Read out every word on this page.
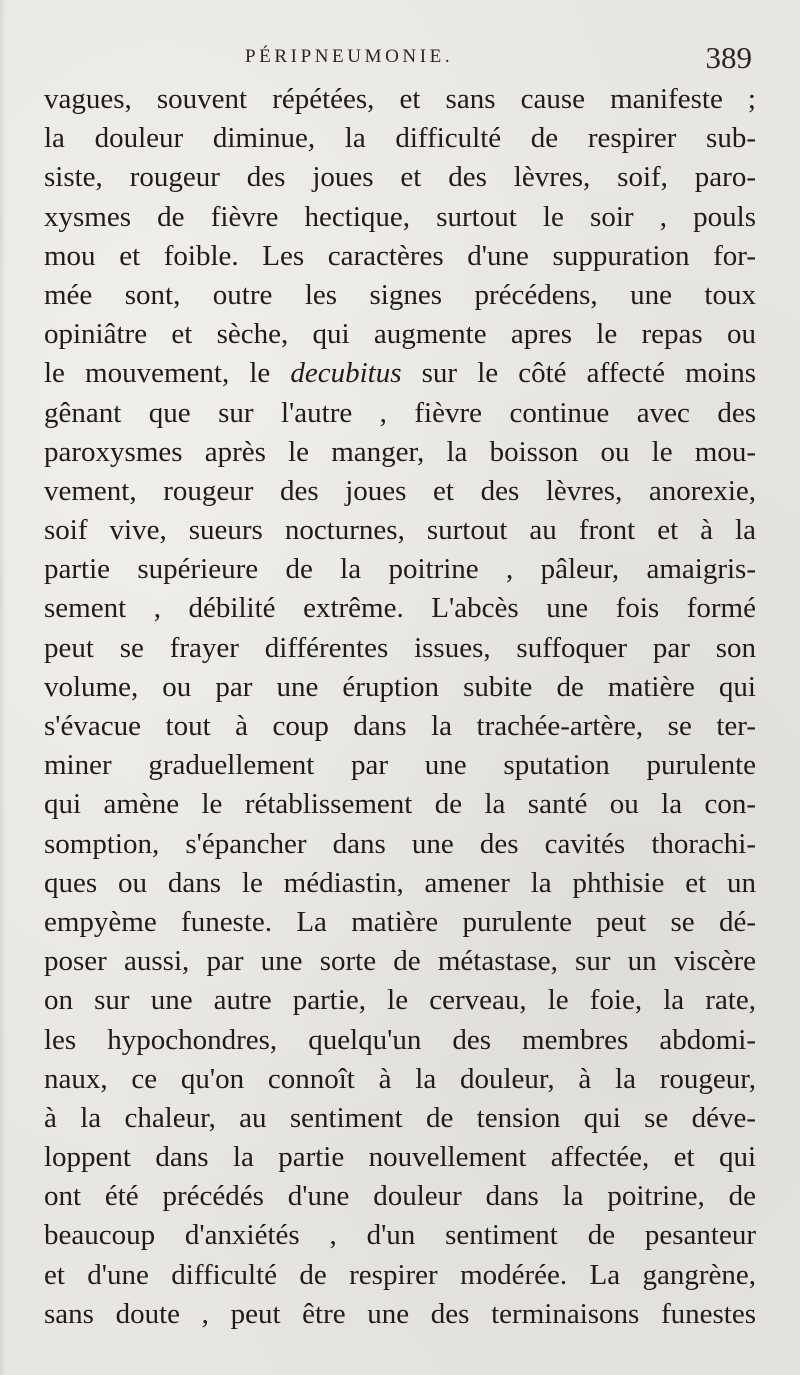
PÉRIPNEUMONIE.	389
vagues, souvent répétées, et sans cause manifeste ;
la douleur diminue, la difficulté de respirer sub-
siste, rougeur des joues et des lèvres, soif, paro-
xysmes de fièvre hectique, surtout le soir , pouls
mou et foible. Les caractères d'une suppuration for-
mée sont, outre les signes précédens, une toux
opiniâtre et sèche, qui augmente apres le repas ou
le mouvement, le decubitus sur le côté affecté moins
gênant que sur l'autre , fièvre continue avec des
paroxysmes après le manger, la boisson ou le mou-
vement, rougeur des joues et des lèvres, anorexie,
soif vive, sueurs nocturnes, surtout au front et à la
partie supérieure de la poitrine , pâleur, amaigris-
sement , débilité extrême. L'abcès une fois formé
peut se frayer différentes issues, suffoquer par son
volume, ou par une éruption subite de matière qui
s'évacue tout à coup dans la trachée-artère, se ter-
miner graduellement par une sputation purulente
qui amène le rétablissement de la santé ou la con-
somption, s'épancher dans une des cavités thorachi-
ques ou dans le médiastin, amener la phthisie et un
empyème funeste. La matière purulente peut se dé-
poser aussi, par une sorte de métastase, sur un viscère
on sur une autre partie, le cerveau, le foie, la rate,
les hypochondres, quelqu'un des membres abdomi-
naux, ce qu'on connoît à la douleur, à la rougeur,
à la chaleur, au sentiment de tension qui se déve-
loppent dans la partie nouvellement affectée, et qui
ont été précédés d'une douleur dans la poitrine, de
beaucoup d'anxiétés , d'un sentiment de pesanteur
et d'une difficulté de respirer modérée. La gangrène,
sans doute , peut être une des terminaisons funestes
